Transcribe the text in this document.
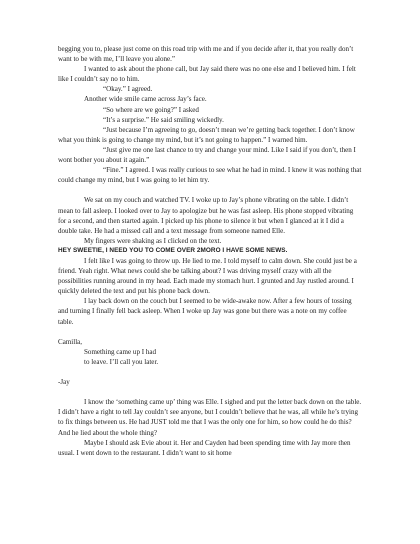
begging you to, please just come on this road trip with me and if you decide after it, that you really don’t want to be with me, I’ll leave you alone.”

I wanted to ask about the phone call, but Jay said there was no one else and I believed him. I felt like I couldn’t say no to him.

“Okay.” I agreed.

Another wide smile came across Jay’s face.

“So where are we going?” I asked

“It’s a surprise.” He said smiling wickedly.

“Just because I’m agreeing to go, doesn’t mean we’re getting back together. I don’t know what you think is going to change my mind, but it’s not going to happen.” I warned him.

“Just give me one last chance to try and change your mind. Like I said if you don’t, then I wont bother you about it again.”

“Fine.” I agreed. I was really curious to see what he had in mind. I knew it was nothing that could change my mind, but I was going to let him try.

We sat on my couch and watched TV. I woke up to Jay’s phone vibrating on the table. I didn’t mean to fall asleep. I looked over to Jay to apologize but he was fast asleep. His phone stopped vibrating for a second, and then started again. I picked up his phone to silence it but when I glanced at it I did a double take. He had a missed call and a text message from someone named Elle.

My fingers were shaking as I clicked on the text.

HEY SWEETIE, I NEED YOU TO COME OVER 2MORO I HAVE SOME NEWS.

I felt like I was going to throw up. He lied to me. I told myself to calm down. She could just be a friend. Yeah right. What news could she be talking about? I was driving myself crazy with all the possibilities running around in my head. Each made my stomach hurt. I grunted and Jay rustled around. I quickly deleted the text and put his phone back down.

I lay back down on the couch but I seemed to be wide-awake now. After a few hours of tossing and turning I finally fell back asleep. When I woke up Jay was gone but there was a note on my coffee table.

Camilla,

Something came up I had

to leave. I’ll call you later.

-Jay

I know the ‘something came up’ thing was Elle. I sighed and put the letter back down on the table. I didn’t have a right to tell Jay couldn’t see anyone, but I couldn’t believe that he was, all while he’s trying to fix things between us. He had JUST told me that I was the only one for him, so how could he do this? And he lied about the whole thing?

Maybe I should ask Evie about it. Her and Cayden had been spending time with Jay more then usual. I went down to the restaurant. I didn’t want to sit home
